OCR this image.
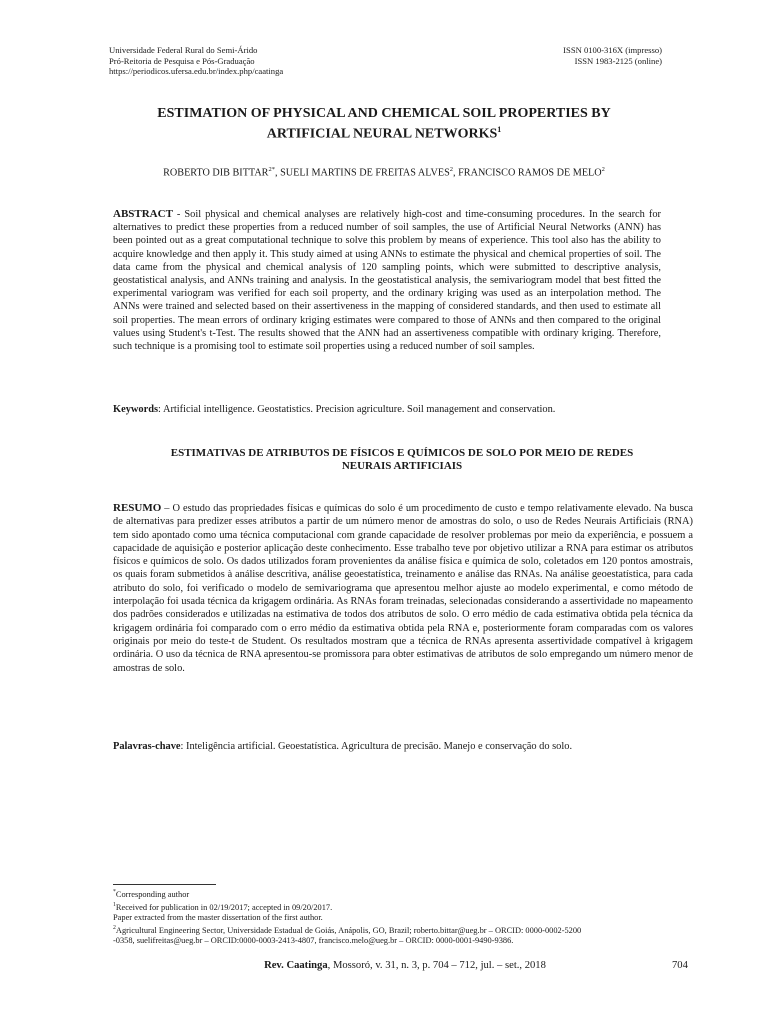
Universidade Federal Rural do Semi-Árido
Pró-Reitoria de Pesquisa e Pós-Graduação
https://periodicos.ufersa.edu.br/index.php/caatinga
ISSN 0100-316X (impresso)
ISSN 1983-2125 (online)
ESTIMATION OF PHYSICAL AND CHEMICAL SOIL PROPERTIES BY
ARTIFICIAL NEURAL NETWORKS$^1$
ROBERTO DIB $BITTAR^{2*}$, SUELI MARTINS DE FREITAS ALVES$^2$, FRANCISCO RAMOS DE MELO$^2$
ABSTRACT - Soil physical and chemical analyses are relatively high-cost and time-consuming procedures. In the search for alternatives to predict these properties from a reduced number of soil samples, the use of Artificial Neural Networks (ANN) has been pointed out as a great computational technique to solve this problem by means of experience. This tool also has the ability to acquire knowledge and then apply it. This study aimed at using ANNs to estimate the physical and chemical properties of soil. The data came from the physical and chemical analysis of 120 sampling points, which were submitted to descriptive analysis, geostatistical analysis, and ANNs training and analysis. In the geostatistical analysis, the semivariogram model that best fitted the experimental variogram was verified for each soil property, and the ordinary kriging was used as an interpolation method. The ANNs were trained and selected based on their assertiveness in the mapping of considered standards, and then used to estimate all soil properties. The mean errors of ordinary kriging estimates were compared to those of ANNs and then compared to the original values using Student's t-Test. The results showed that the ANN had an assertiveness compatible with ordinary kriging. Therefore, such technique is a promising tool to estimate soil properties using a reduced number of soil samples.
Keywords: Artificial intelligence. Geostatistics. Precision agriculture. Soil management and conservation.
ESTIMATIVAS DE ATRIBUTOS DE FÍSICOS E QUÍMICOS DE SOLO POR MEIO DE REDES
NEURAIS ARTIFICIAIS
RESUMO – O estudo das propriedades físicas e químicas do solo é um procedimento de custo e tempo relativamente elevado. Na busca de alternativas para predizer esses atributos a partir de um número menor de amostras do solo, o uso de Redes Neurais Artificiais (RNA) tem sido apontado como uma técnica computacional com grande capacidade de resolver problemas por meio da experiência, e possuem a capacidade de aquisição e posterior aplicação deste conhecimento. Esse trabalho teve por objetivo utilizar a RNA para estimar os atributos físicos e químicos de solo. Os dados utilizados foram provenientes da análise física e química de solo, coletados em 120 pontos amostrais, os quais foram submetidos à análise descritiva, análise geoestatística, treinamento e análise das RNAs. Na análise geoestatística, para cada atributo do solo, foi verificado o modelo de semivariograma que apresentou melhor ajuste ao modelo experimental, e como método de interpolação foi usada técnica da krigagem ordinária. As RNAs foram treinadas, selecionadas considerando a assertividade no mapeamento dos padrões considerados e utilizadas na estimativa de todos dos atributos de solo. O erro médio de cada estimativa obtida pela técnica da krigagem ordinária foi comparado com o erro médio da estimativa obtida pela RNA e, posteriormente foram comparadas com os valores originais por meio do teste-t de Student. Os resultados mostram que a técnica de RNAs apresenta assertividade compatível à krigagem ordinária. O uso da técnica de RNA apresentou-se promissora para obter estimativas de atributos de solo empregando um número menor de amostras de solo.
Palavras-chave: Inteligência artificial. Geoestatística. Agricultura de precisão. Manejo e conservação do solo.
*Corresponding author
$^1$Received for publication in 02/19/2017; accepted in 09/20/2017.
Paper extracted from the master dissertation of the first author.
$^2$Agricultural Engineering Sector, Universidade Estadual de Goiás, Anápolis, GO, Brazil; roberto.bittar@ueg.br – ORCID: 0000-0002-5200
-0358, suelifreitas@ueg.br – ORCID:0000-0003-2413-4807, francisco.melo@ueg.br – ORCID: 0000-0001-9490-9386.
Rev. Caatinga, Mossoró, v. 31, n. 3, p. 704 – 712, jul. – set., 2018	704
